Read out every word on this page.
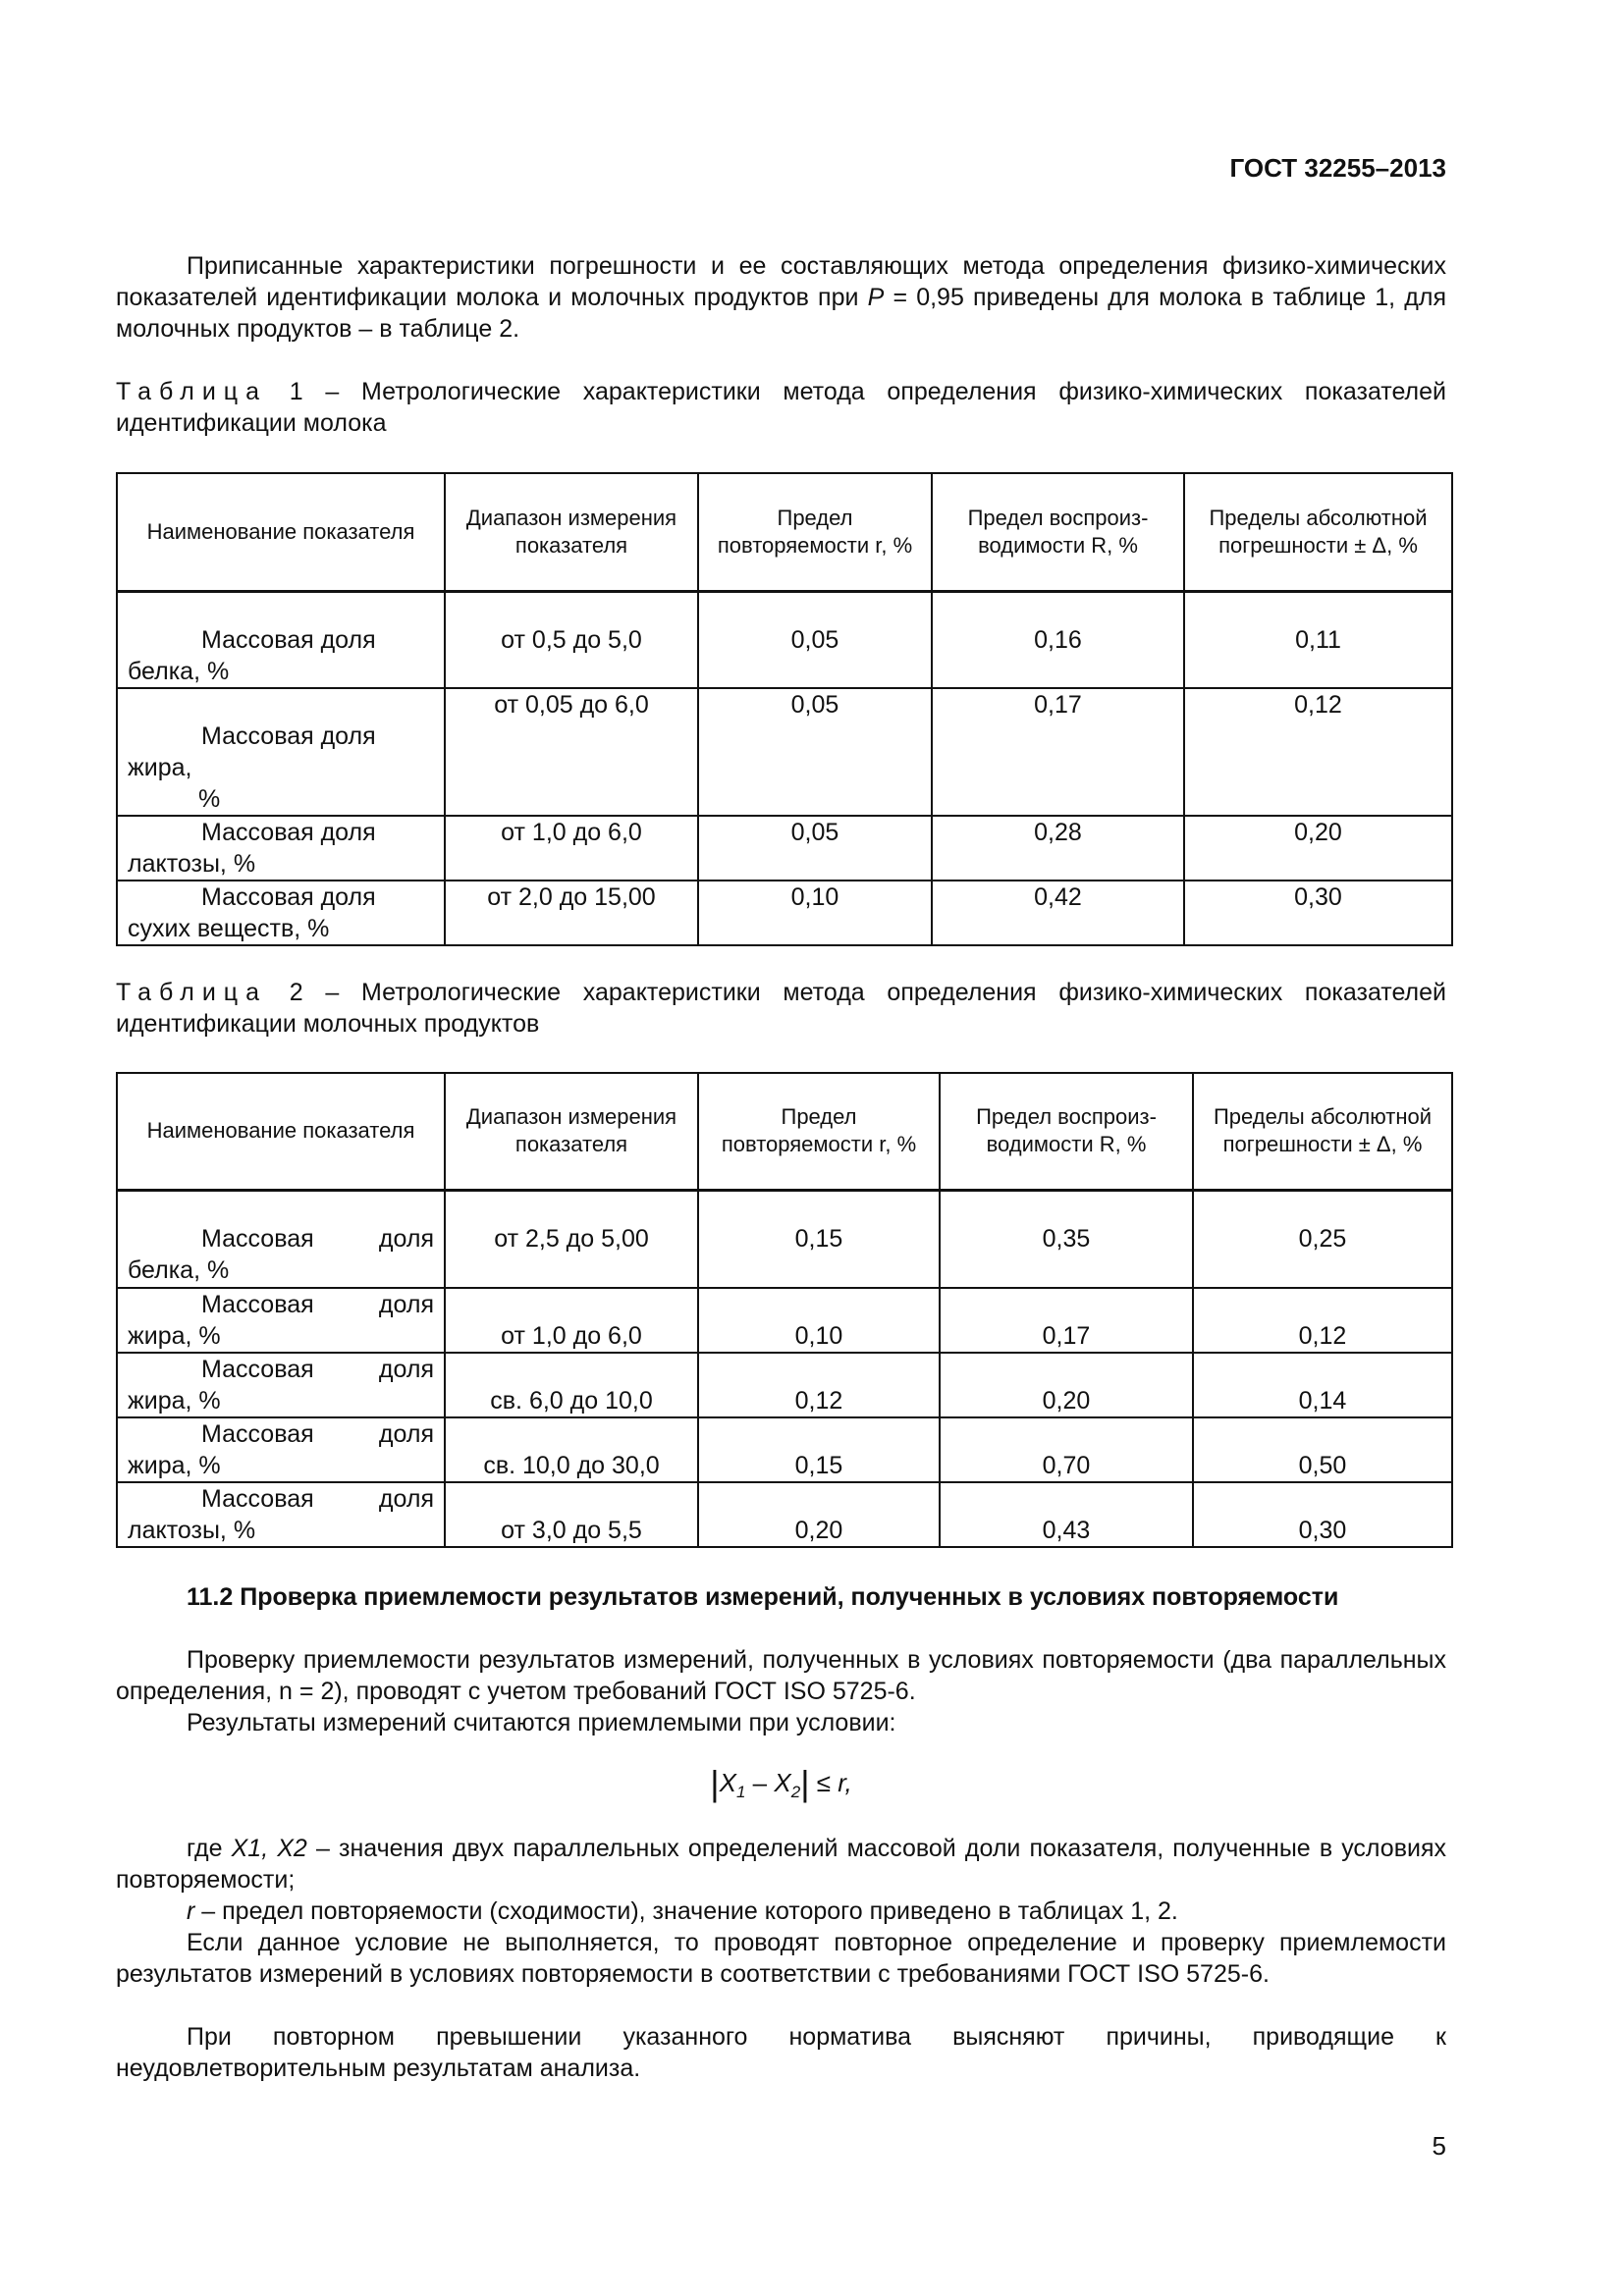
ГОСТ 32255–2013
Приписанные характеристики погрешности и ее составляющих метода определения физико-химических показателей идентификации молока и молочных продуктов при P = 0,95 приведены для молока в таблице 1, для молочных продуктов – в таблице 2.
Таблица 1 – Метрологические характеристики метода определения физико-химических показателей идентификации молока
Наименование показателя	Диапазон измерения показателя	Предел повторяемости r, %	Предел воспроиз-водимости R, %	Пределы абсолютной погрешности ± Δ, %

Массовая доля
белка, %	от 0,5 до 5,0	0,05	0,16	0,11

Массовая доля
жира,
%	от 0,05 до 6,0	0,05	0,17	0,12

Массовая доля
лактозы, %	от 1,0 до 6,0	0,05	0,28	0,20

Массовая доля
сухих веществ, %	от 2,0 до 15,00	0,10	0,42	0,30
Таблица 2 – Метрологические характеристики метода определения физико-химических показателей идентификации молочных продуктов
Наименование показателя	Диапазон измерения показателя	Предел повторяемости r, %	Предел воспроиз-водимости R, %	Пределы абсолютной погрешности ± Δ, %

Массовая доля
белка, %	от 2,5 до 5,00	0,15	0,35	0,25

Массовая доля
жира, %	от 1,0 до 6,0	0,10	0,17	0,12

Массовая доля
жира, %	св. 6,0 до 10,0	0,12	0,20	0,14

Массовая доля
жира, %	св. 10,0 до 30,0	0,15	0,70	0,50

Массовая доля
лактозы, %	от 3,0 до 5,5	0,20	0,43	0,30
11.2 Проверка приемлемости результатов измерений, полученных в условиях повторяемости
Проверку приемлемости результатов измерений, полученных в условиях повторяемости (два параллельных определения, n = 2), проводят с учетом требований ГОСТ ISO 5725-6.
Результаты измерений считаются приемлемыми при условии:
$|X_1 - X_2| \le r$,
где X1, X2 – значения двух параллельных определений массовой доли показателя, полученные в условиях повторяемости;
r – предел повторяемости (сходимости), значение которого приведено в таблицах 1, 2.
Если данное условие не выполняется, то проводят повторное определение и проверку приемлемости результатов измерений в условиях повторяемости в соответствии с требованиями ГОСТ ISO 5725-6.
При повторном превышении указанного норматива выясняют причины, приводящие к неудовлетворительным результатам анализа.
5
